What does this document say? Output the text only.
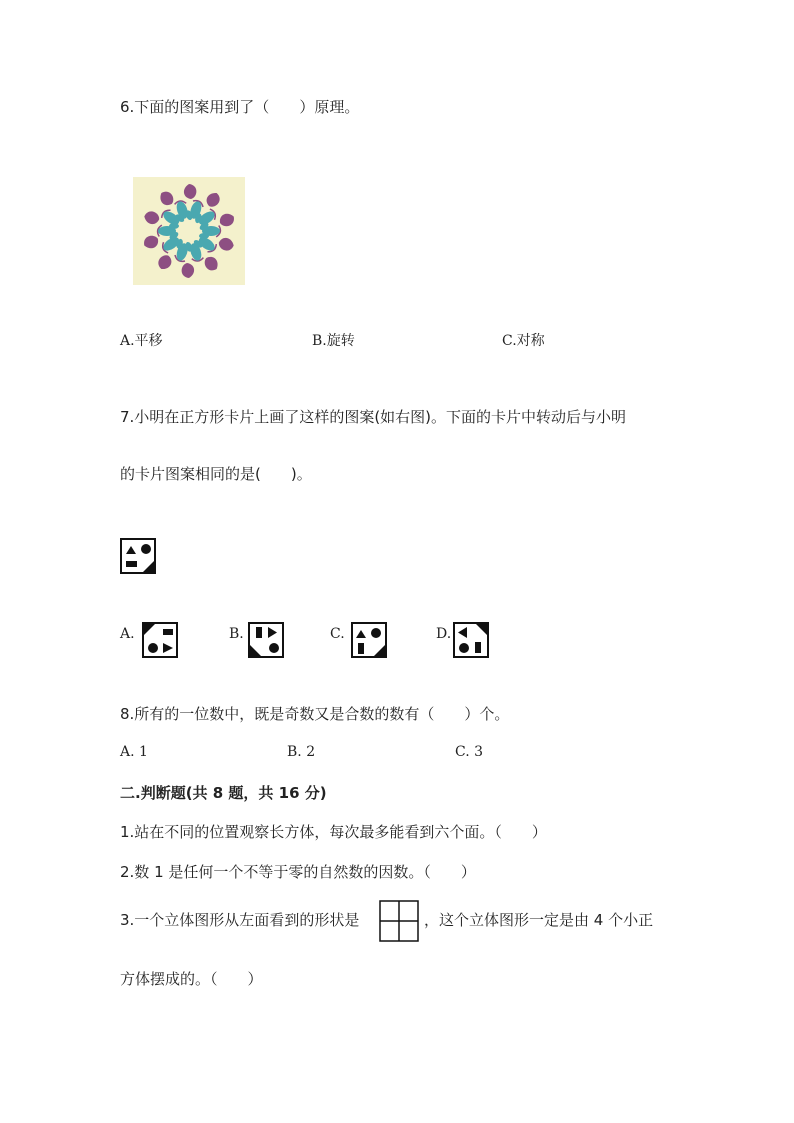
6.下面的图案用到了（　　）原理。
A.平移	B.旋转	C.对称
7.小明在正方形卡片上画了这样的图案(如右图)。下面的卡片中转动后与小明
的卡片图案相同的是(　　)。
A.	B.	C.	D.
8.所有的一位数中，既是奇数又是合数的数有（　　）个。
A. 1	B. 2	C. 3
二.判断题(共 8 题，共 16 分)
1.站在不同的位置观察长方体，每次最多能看到六个面。（　　）
2.数 1 是任何一个不等于零的自然数的因数。（　　）
3.一个立体图形从左面看到的形状是	，这个立体图形一定是由 4 个小正
方体摆成的。（　　）
